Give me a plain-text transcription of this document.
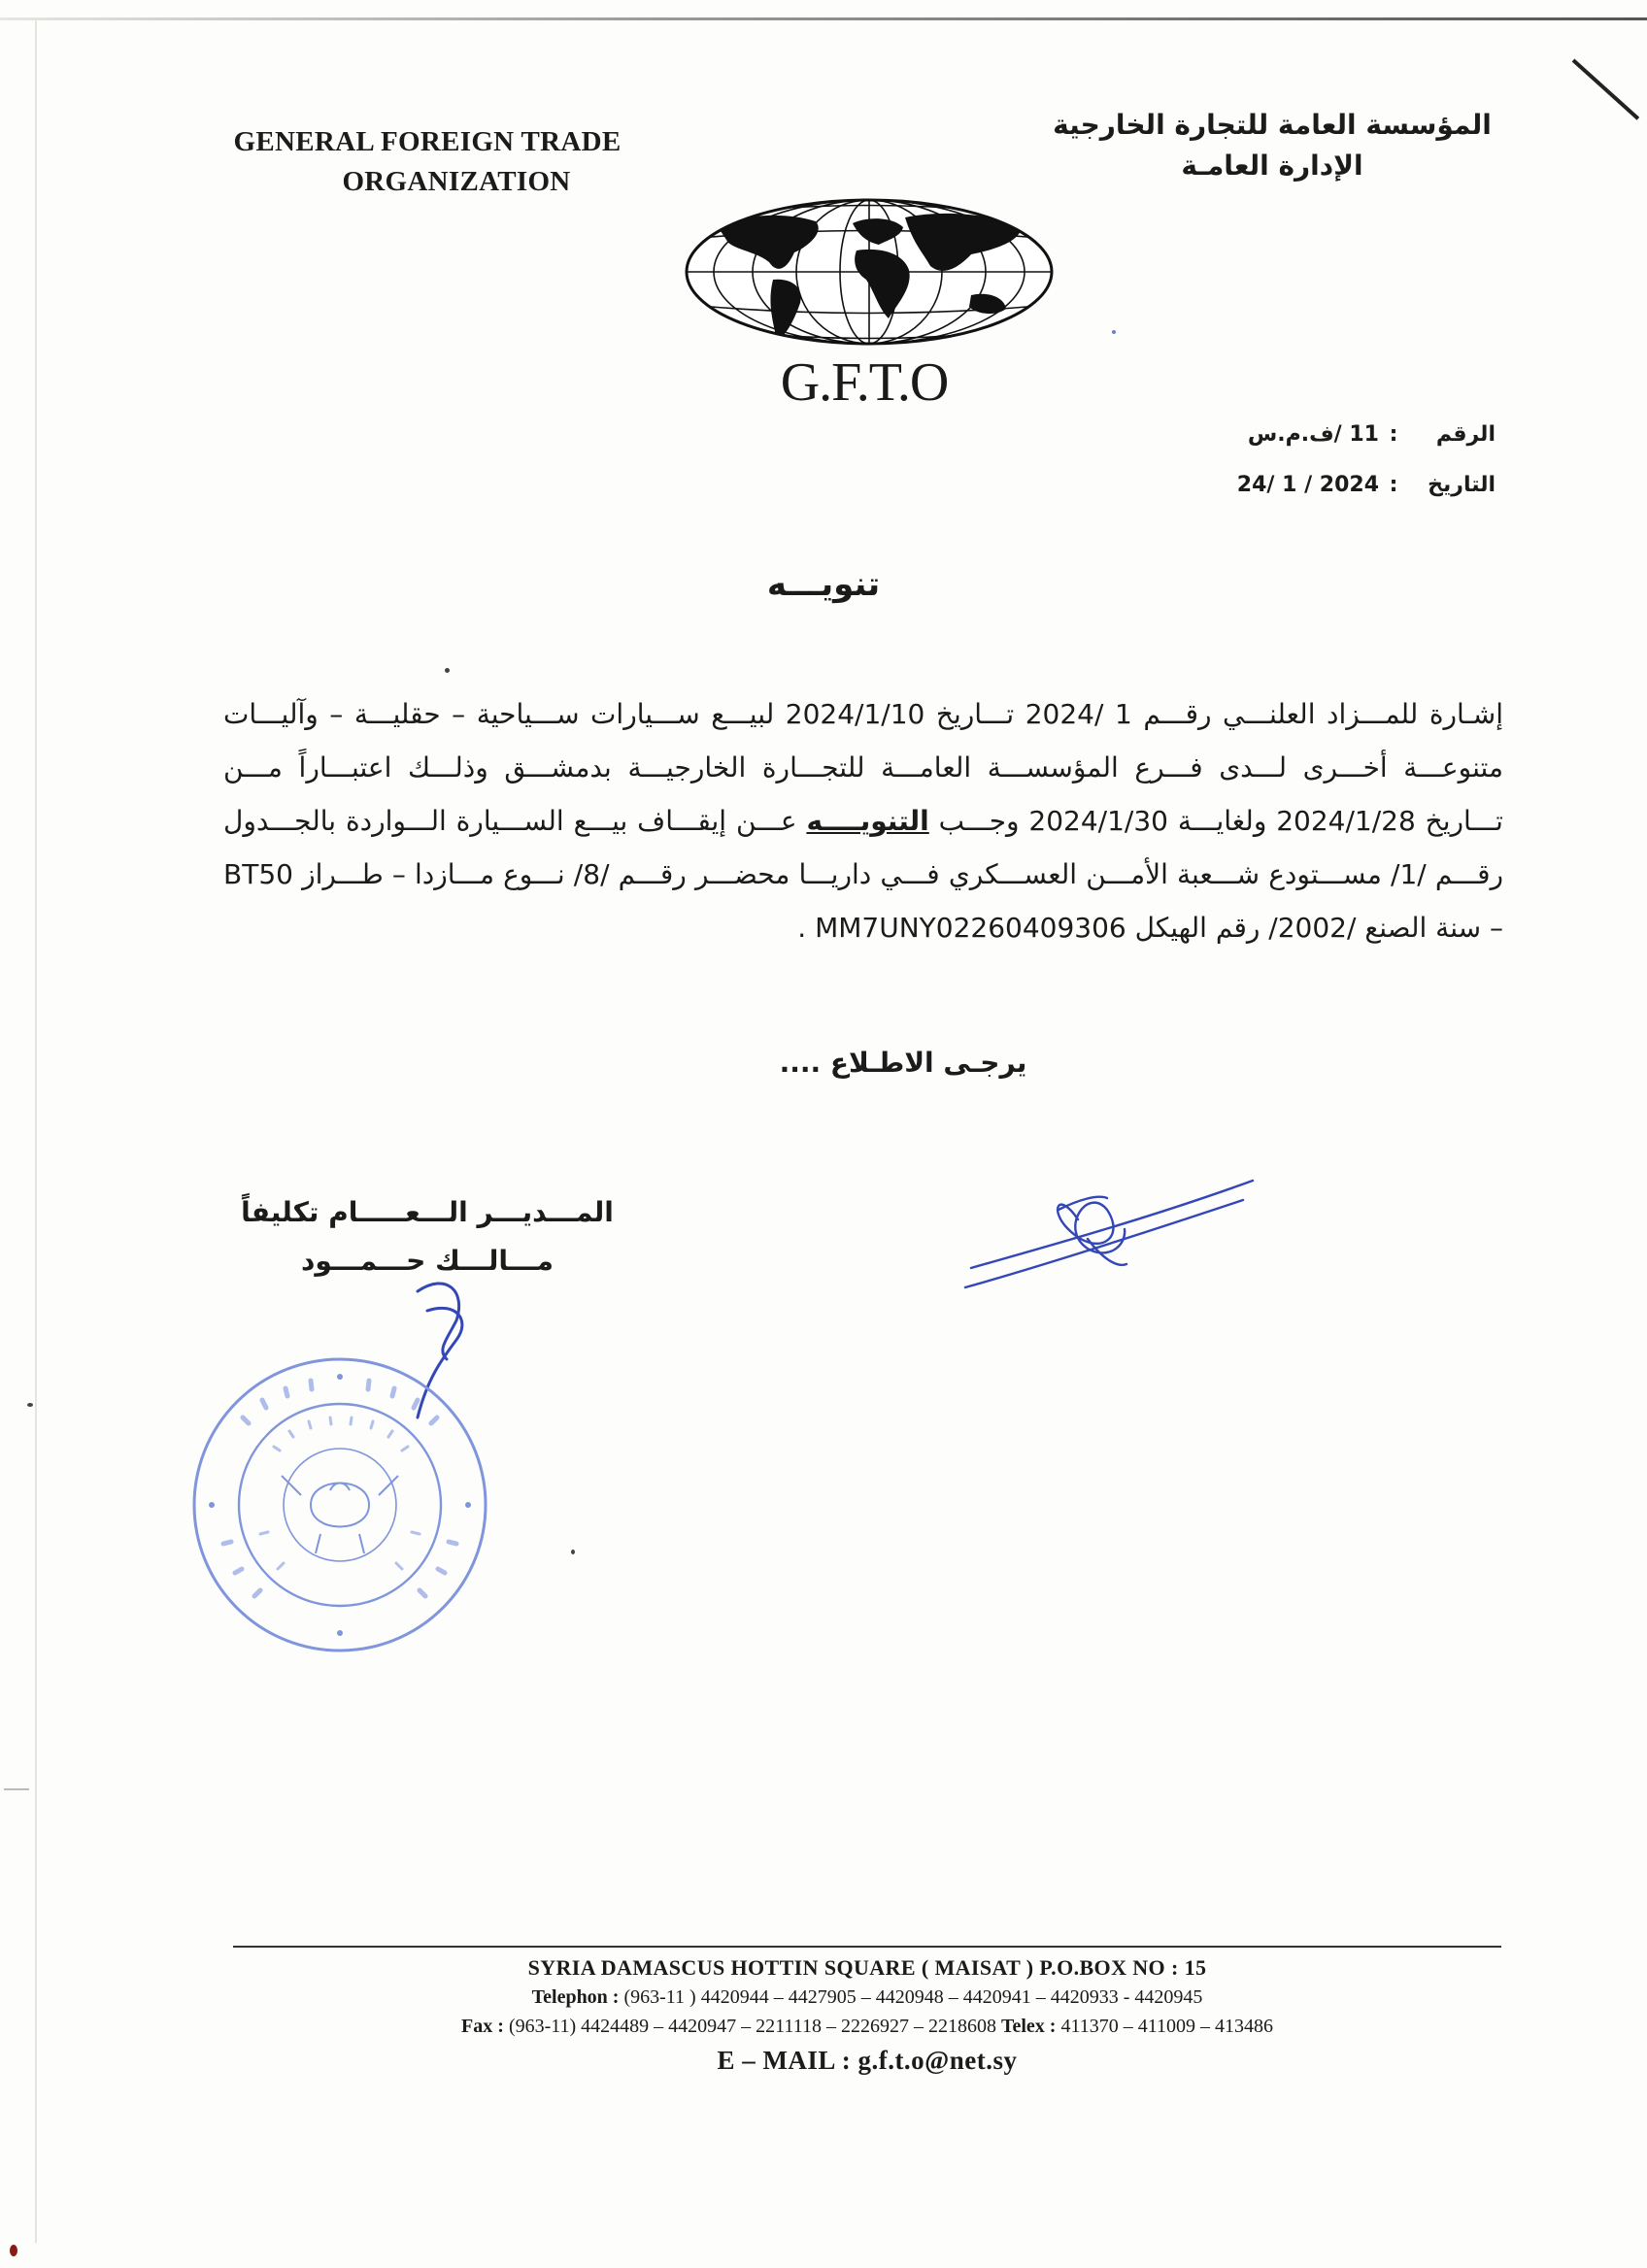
GENERAL FOREIGN TRADE
ORGANIZATION
المؤسسة العامة للتجارة الخارجية
الإدارة العامـة
G.F.T.O
الرقم:11 /ف.م.س
التاريخ:2024 / 1 /24
تنويـــه
إشـارة للمـــزاد العلنـــي رقـــم 1 /2024 تـــاريخ 2024/1/10 لبيـــع ســـيارات ســـياحية – حقليـــة – وآليـــات متنوعـــة أخـــرى لـــدى فـــرع المؤسســـة العامـــة للتجـــارة الخارجيـــة بدمشـــق وذلـــك اعتبـــاراً مـــن تـــاريخ 2024/1/28 ولغايـــة 2024/1/30 وجـــب التنويــــه عـــن إيقـــاف بيـــع الســـيارة الـــواردة بالجـــدول رقـــم /1/ مســـتودع شـــعبة الأمـــن العســـكري فـــي داريـــا محضـــر رقـــم /8/ نـــوع مـــازدا – طـــراز BT50 – سنة الصنع /2002/ رقم الهيكل MM7UNY02260409306 .
يرجـى الاطـلاع ....
المـــديـــر الـــعـــــام تكليفاً
مـــالـــك حـــمـــود
SYRIA DAMASCUS HOTTIN SQUARE ( MAISAT ) P.O.BOX NO : 15
Telephon : (963-11 ) 4420944 – 4427905 – 4420948 – 4420941 – 4420933 - 4420945
Fax : (963-11) 4424489 – 4420947 – 2211118 – 2226927 – 2218608 Telex : 411370 – 411009 – 413486
E – MAIL : g.f.t.o@net.sy
